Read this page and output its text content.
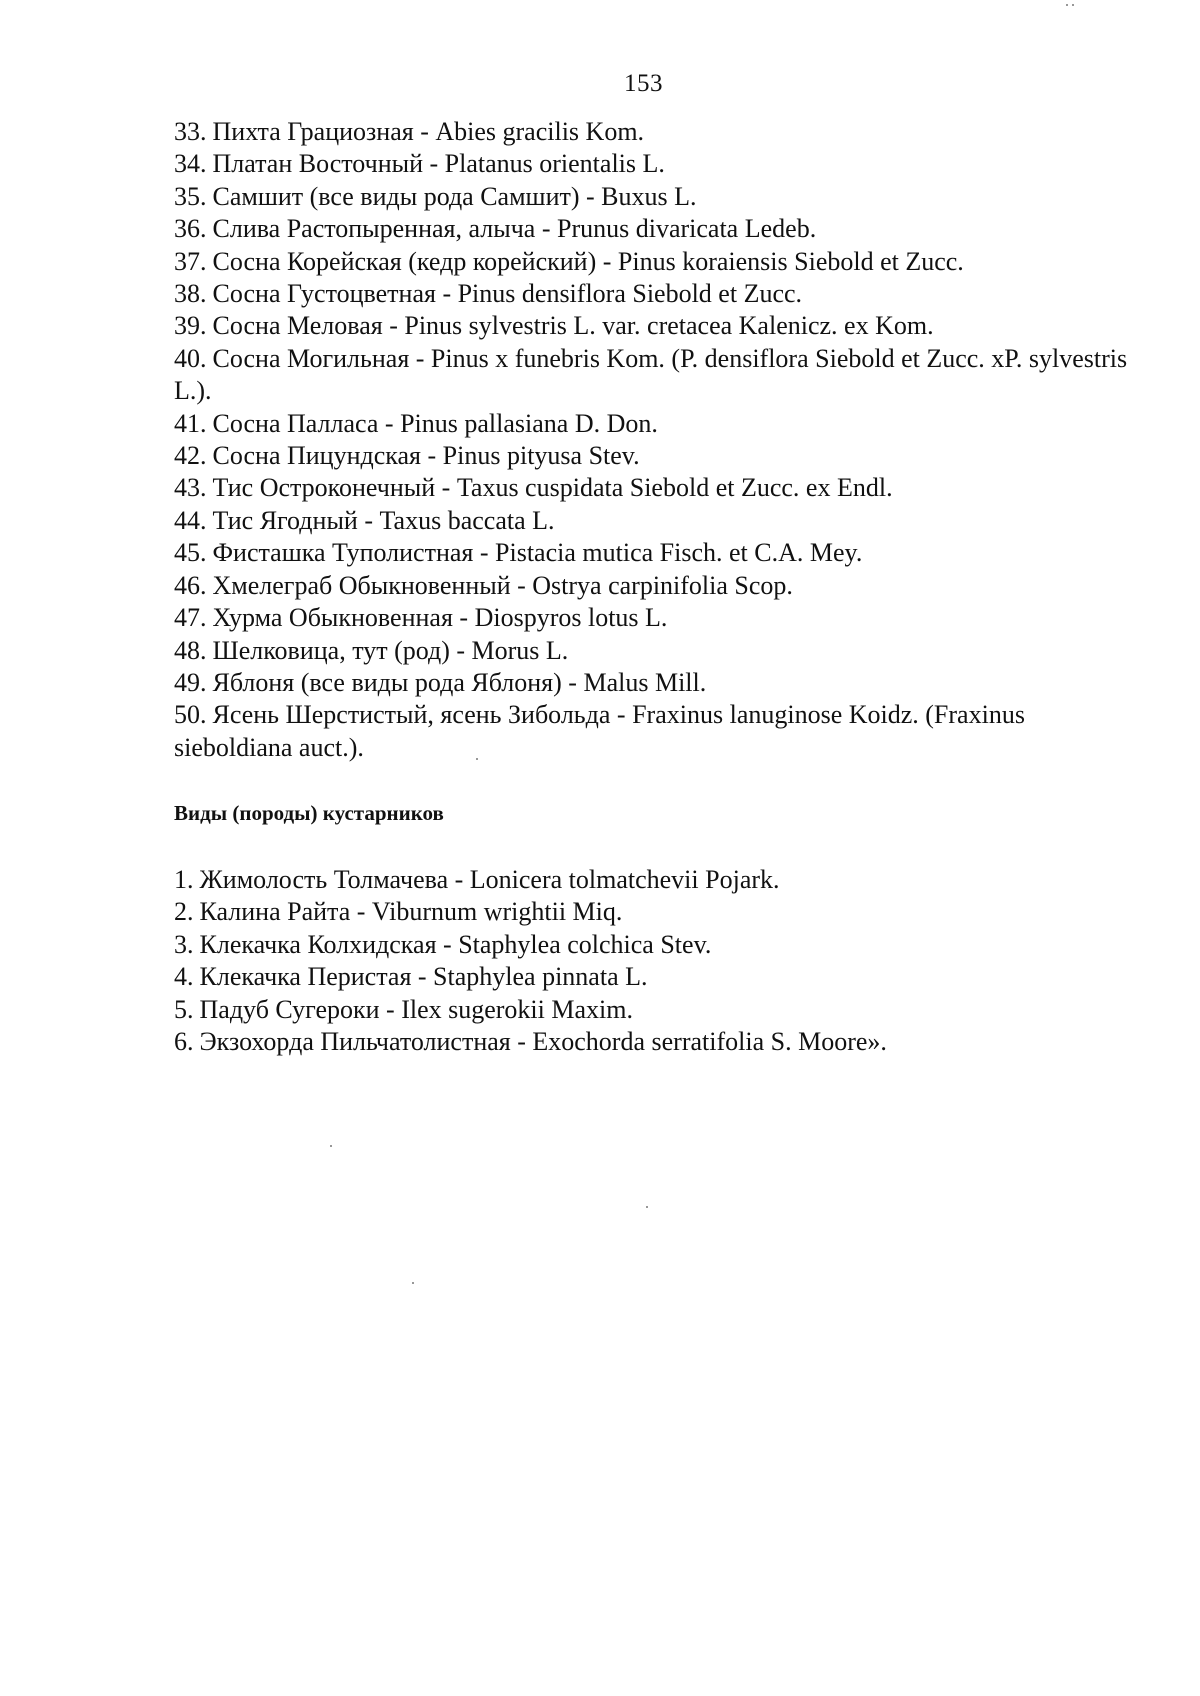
153
33. Пихта Грациозная - Abies gracilis Kom.
34. Платан Восточный - Platanus orientalis L.
35. Самшит (все виды рода Самшит) - Buxus L.
36. Слива Растопыренная, алыча - Prunus divaricata Ledeb.
37. Сосна Корейская (кедр корейский) - Pinus koraiensis Siebold et Zucc.
38. Сосна Густоцветная - Pinus densiflora Siebold et Zucc.
39. Сосна Меловая - Pinus sylvestris L. var. cretacea Kalenicz. ex Kom.
40. Сосна Могильная - Pinus x funebris Kom. (P. densiflora Siebold et Zucc. xP. sylvestris L.).
41. Сосна Палласа - Pinus pallasiana D. Don.
42. Сосна Пицундская - Pinus pityusa Stev.
43. Тис Остроконечный - Taxus cuspidata Siebold et Zucc. ex Endl.
44. Тис Ягодный - Taxus baccata L.
45. Фисташка Туполистная - Pistacia mutica Fisch. et C.A. Mey.
46. Хмелеграб Обыкновенный - Ostrya carpinifolia Scop.
47. Хурма Обыкновенная - Diospyros lotus L.
48. Шелковица, тут (род) - Morus L.
49. Яблоня (все виды рода Яблоня) - Malus Mill.
50. Ясень Шерстистый, ясень Зибольда - Fraxinus lanuginose Koidz. (Fraxinus sieboldiana auct.).
Виды (породы) кустарников
1. Жимолость Толмачева - Lonicera tolmatchevii Pojark.
2. Калина Райта - Viburnum wrightii Miq.
3. Клекачка Колхидская - Staphylea colchica Stev.
4. Клекачка Перистая - Staphylea pinnata L.
5. Падуб Сугероки - Ilex sugerokii Maxim.
6. Экзохорда Пильчатолистная - Exochorda serratifolia S. Moore».
